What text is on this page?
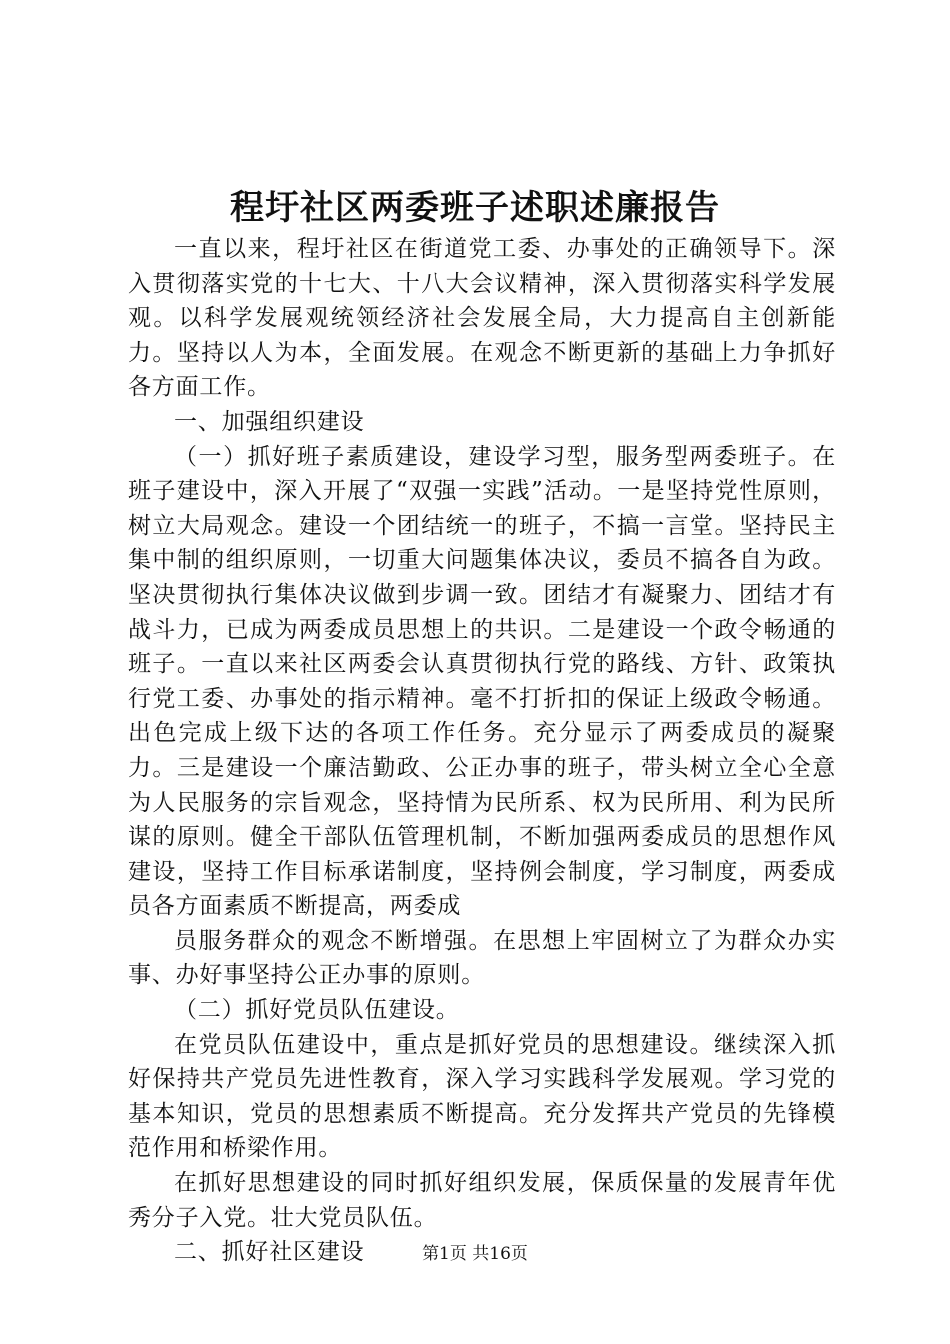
程圩社区两委班子述职述廉报告

一直以来，程圩社区在街道党工委、办事处的正确领导下。深入贯彻落实党的十七大、十八大会议精神，深入贯彻落实科学发展观。以科学发展观统领经济社会发展全局，大力提高自主创新能力。坚持以人为本，全面发展。在观念不断更新的基础上力争抓好各方面工作。

一、加强组织建设

（一）抓好班子素质建设，建设学习型，服务型两委班子。在班子建设中，深入开展了“双强一实践”活动。一是坚持党性原则，树立大局观念。建设一个团结统一的班子，不搞一言堂。坚持民主集中制的组织原则，一切重大问题集体决议，委员不搞各自为政。坚决贯彻执行集体决议做到步调一致。团结才有凝聚力、团结才有战斗力，已成为两委成员思想上的共识。二是建设一个政令畅通的班子。一直以来社区两委会认真贯彻执行党的路线、方针、政策执行党工委、办事处的指示精神。毫不打折扣的保证上级政令畅通。出色完成上级下达的各项工作任务。充分显示了两委成员的凝聚力。三是建设一个廉洁勤政、公正办事的班子，带头树立全心全意为人民服务的宗旨观念，坚持情为民所系、权为民所用、利为民所谋的原则。健全干部队伍管理机制，不断加强两委成员的思想作风建设，坚持工作目标承诺制度，坚持例会制度，学习制度，两委成员各方面素质不断提高，两委成

员服务群众的观念不断增强。在思想上牢固树立了为群众办实事、办好事坚持公正办事的原则。

（二）抓好党员队伍建设。

在党员队伍建设中，重点是抓好党员的思想建设。继续深入抓好保持共产党员先进性教育，深入学习实践科学发展观。学习党的基本知识，党员的思想素质不断提高。充分发挥共产党员的先锋模范作用和桥梁作用。

在抓好思想建设的同时抓好组织发展，保质保量的发展青年优秀分子入党。壮大党员队伍。

二、抓好社区建设	第1页 共16页
